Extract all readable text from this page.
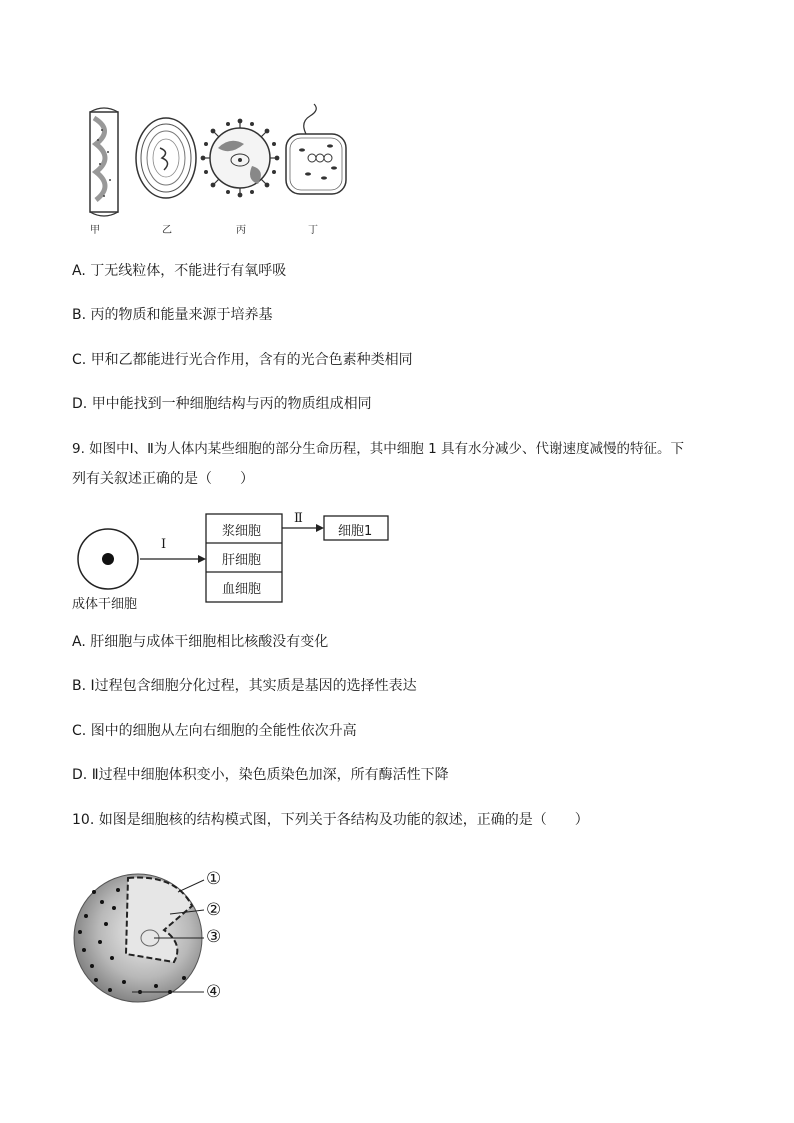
甲	乙	丙	丁
A. 丁无线粒体，不能进行有氧呼吸
B. 丙的物质和能量来源于培养基
C. 甲和乙都能进行光合作用，含有的光合色素种类相同
D. 甲中能找到一种细胞结构与丙的物质组成相同
9. 如图中Ⅰ、Ⅱ为人体内某些细胞的部分生命历程，其中细胞 1 具有水分减少、代谢速度减慢的特征。下
列有关叙述正确的是（　　）
Ⅰ
Ⅱ
浆细胞
肝细胞
血细胞
细胞1
成体干细胞
A. 肝细胞与成体干细胞相比核酸没有变化
B. Ⅰ过程包含细胞分化过程，其实质是基因的选择性表达
C. 图中的细胞从左向右细胞的全能性依次升高
D. Ⅱ过程中细胞体积变小，染色质染色加深，所有酶活性下降
10. 如图是细胞核的结构模式图，下列关于各结构及功能的叙述，正确的是（　　）
①
②
③
④
